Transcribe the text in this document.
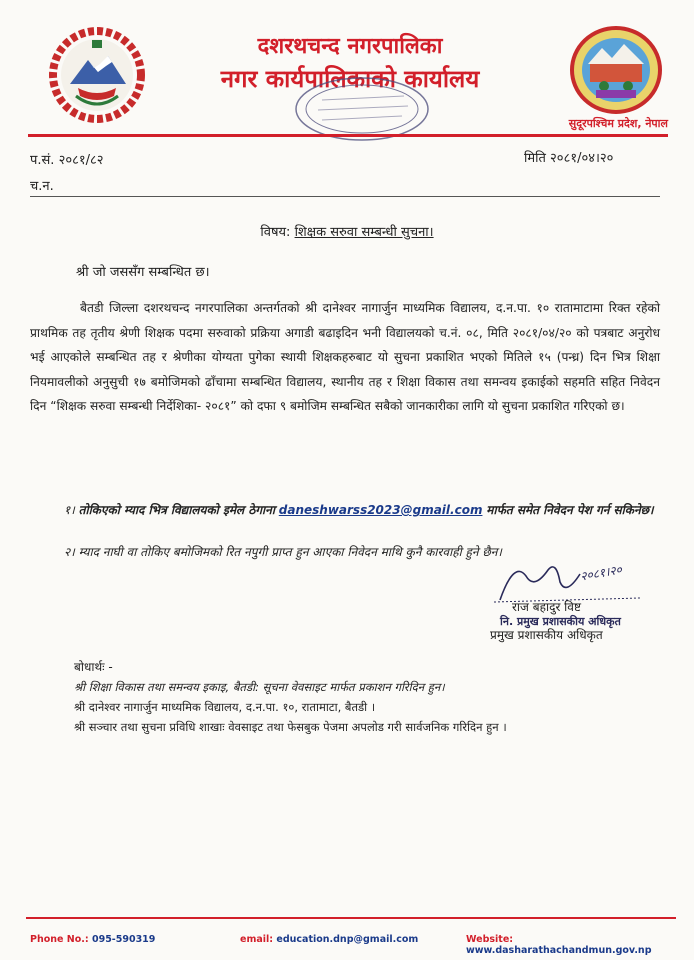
दशरथचन्द नगरपालिका
नगर कार्यपालिकाको कार्यालय
सुदूरपश्चिम प्रदेश, नेपाल
प.सं. २०८१/८२	मिति २०८१/०४।२०
च.न.
विषय: शिक्षक सरुवा सम्बन्धी सुचना।
श्री जो जससँग सम्बन्धित छ।
बैतडी जिल्ला दशरथचन्द नगरपालिका अन्तर्गतको श्री दानेश्वर नागार्जुन माध्यमिक विद्यालय, द.न.पा. १० रातामाटामा रिक्त रहेको प्राथमिक तह तृतीय श्रेणी शिक्षक पदमा सरुवाको प्रक्रिया अगाडी बढाइदिन भनी विद्यालयको च.नं. ०८, मिति २०८१/०४/२० को पत्रबाट अनुरोध भई आएकोले सम्बन्धित तह र श्रेणीका योग्यता पुगेका स्थायी शिक्षकहरुबाट यो सुचना प्रकाशित भएको मितिले १५ (पन्ध्र) दिन भित्र शिक्षा नियमावलीको अनुसुची १७ बमोजिमको ढाँचामा सम्बन्धित विद्यालय, स्थानीय तह र शिक्षा विकास तथा समन्वय इकाईको सहमति सहित निवेदन दिन “शिक्षक सरुवा सम्बन्धी निर्देशिका- २०८१” को दफा ९ बमोजिम सम्बन्धित सबैको जानकारीका लागि यो सुचना प्रकाशित गरिएको छ।
१। तोकिएको म्याद भित्र विद्यालयको इमेल ठेगाना daneshwarss2023@gmail.com मार्फत समेत निवेदन पेश गर्न सकिनेछ।
२। म्याद नाघी वा तोकिए बमोजिमको रित नपुगी प्राप्त हुन आएका निवेदन माथि कुनै कारवाही हुने छैन।
२०८१।२०
राज बहादुर विष्ट
नि. प्रमुख प्रशासकीय अधिकृत
प्रमुख प्रशासकीय अधिकृत
बोधार्थः -
श्री शिक्षा विकास तथा समन्वय इकाइ, बैतडी: सूचना वेवसाइट मार्फत प्रकाशन गरिदिन हुन।
श्री दानेश्वर नागार्जुन माध्यमिक विद्यालय, द.न.पा. १०, रातामाटा, बैतडी ।
श्री सञ्चार तथा सुचना प्रविधि शाखाः वेवसाइट तथा फेसबुक पेजमा अपलोड गरी सार्वजनिक गरिदिन हुन ।
Phone No.: 095-590319	email: education.dnp@gmail.com	Website: www.dasharathachandmun.gov.np
